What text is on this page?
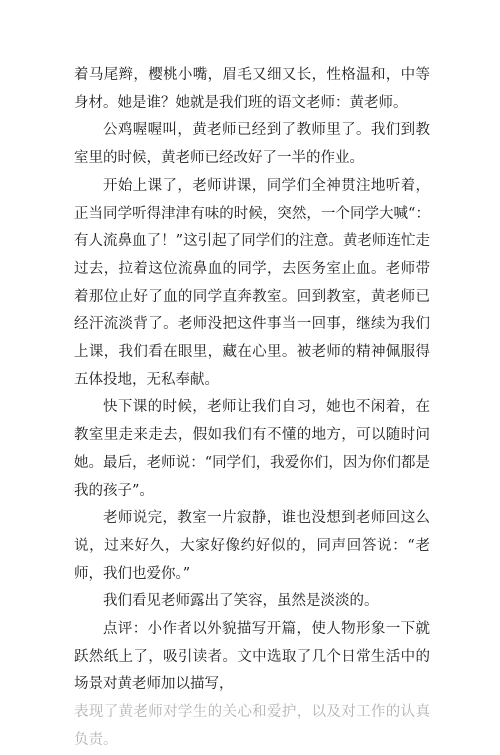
着马尾辫，樱桃小嘴，眉毛又细又长，性格温和，中等身材。她是谁？她就是我们班的语文老师：黄老师。

公鸡喔喔叫，黄老师已经到了教师里了。我们到教室里的时候，黄老师已经改好了一半的作业。

开始上课了，老师讲课，同学们全神贯注地听着，正当同学听得津津有味的时候，突然，一个同学大喊“：有人流鼻血了！”这引起了同学们的注意。黄老师连忙走过去，拉着这位流鼻血的同学，去医务室止血。老师带着那位止好了血的同学直奔教室。回到教室，黄老师已经汗流淡背了。老师没把这件事当一回事，继续为我们上课，我们看在眼里，藏在心里。被老师的精神佩服得五体投地，无私奉献。

快下课的时候，老师让我们自习，她也不闲着，在教室里走来走去，假如我们有不懂的地方，可以随时问她。最后，老师说：“同学们，我爱你们，因为你们都是我的孩子”。

老师说完，教室一片寂静，谁也没想到老师回这么说，过来好久，大家好像约好似的，同声回答说：“老师，我们也爱你。”

我们看见老师露出了笑容，虽然是淡淡的。

点评：小作者以外貌描写开篇，使人物形象一下就跃然纸上了，吸引读者。文中选取了几个日常生活中的场景对黄老师加以描写，

表现了黄老师对学生的关心和爱护，以及对工作的认真负责。
